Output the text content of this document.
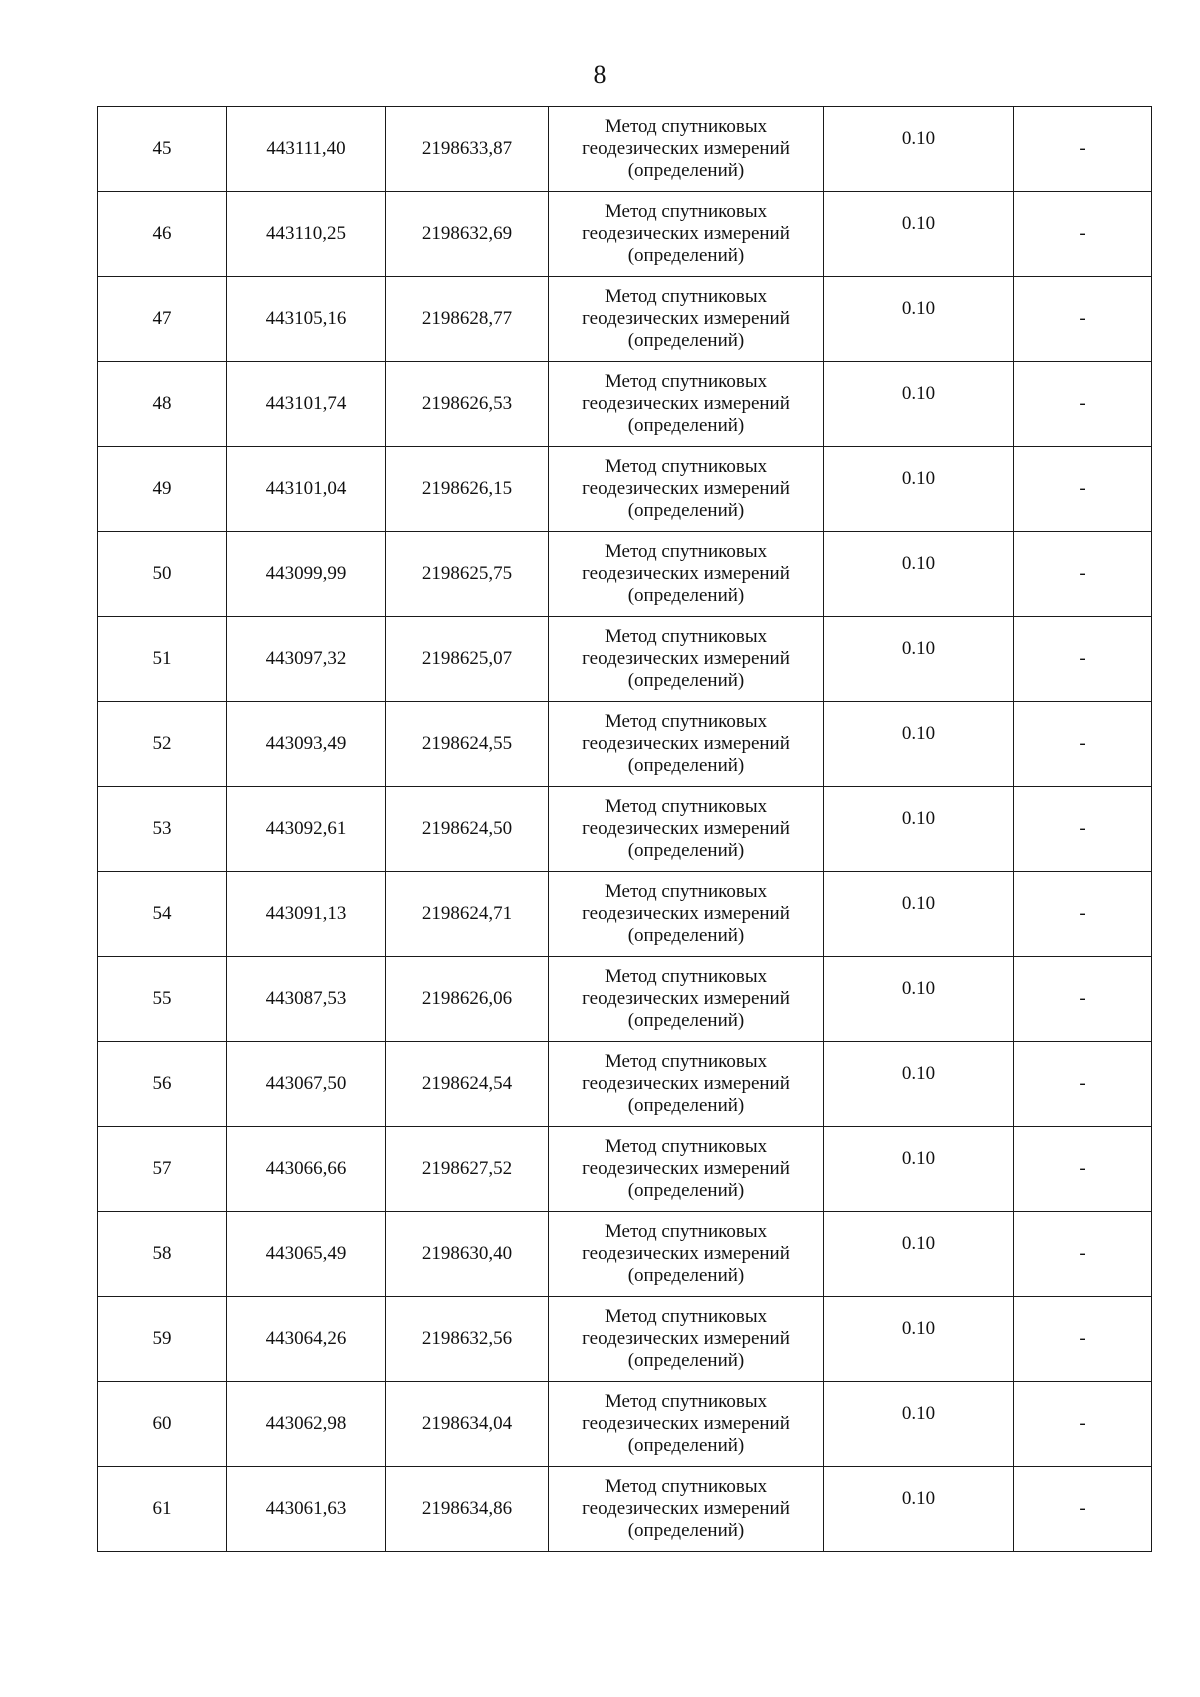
8
45	443111,40	2198633,87	Метод спутниковых геодезических измерений (определений)	0.10	-
46	443110,25	2198632,69	Метод спутниковых геодезических измерений (определений)	0.10	-
47	443105,16	2198628,77	Метод спутниковых геодезических измерений (определений)	0.10	-
48	443101,74	2198626,53	Метод спутниковых геодезических измерений (определений)	0.10	-
49	443101,04	2198626,15	Метод спутниковых геодезических измерений (определений)	0.10	-
50	443099,99	2198625,75	Метод спутниковых геодезических измерений (определений)	0.10	-
51	443097,32	2198625,07	Метод спутниковых геодезических измерений (определений)	0.10	-
52	443093,49	2198624,55	Метод спутниковых геодезических измерений (определений)	0.10	-
53	443092,61	2198624,50	Метод спутниковых геодезических измерений (определений)	0.10	-
54	443091,13	2198624,71	Метод спутниковых геодезических измерений (определений)	0.10	-
55	443087,53	2198626,06	Метод спутниковых геодезических измерений (определений)	0.10	-
56	443067,50	2198624,54	Метод спутниковых геодезических измерений (определений)	0.10	-
57	443066,66	2198627,52	Метод спутниковых геодезических измерений (определений)	0.10	-
58	443065,49	2198630,40	Метод спутниковых геодезических измерений (определений)	0.10	-
59	443064,26	2198632,56	Метод спутниковых геодезических измерений (определений)	0.10	-
60	443062,98	2198634,04	Метод спутниковых геодезических измерений (определений)	0.10	-
61	443061,63	2198634,86	Метод спутниковых геодезических измерений (определений)	0.10	-
